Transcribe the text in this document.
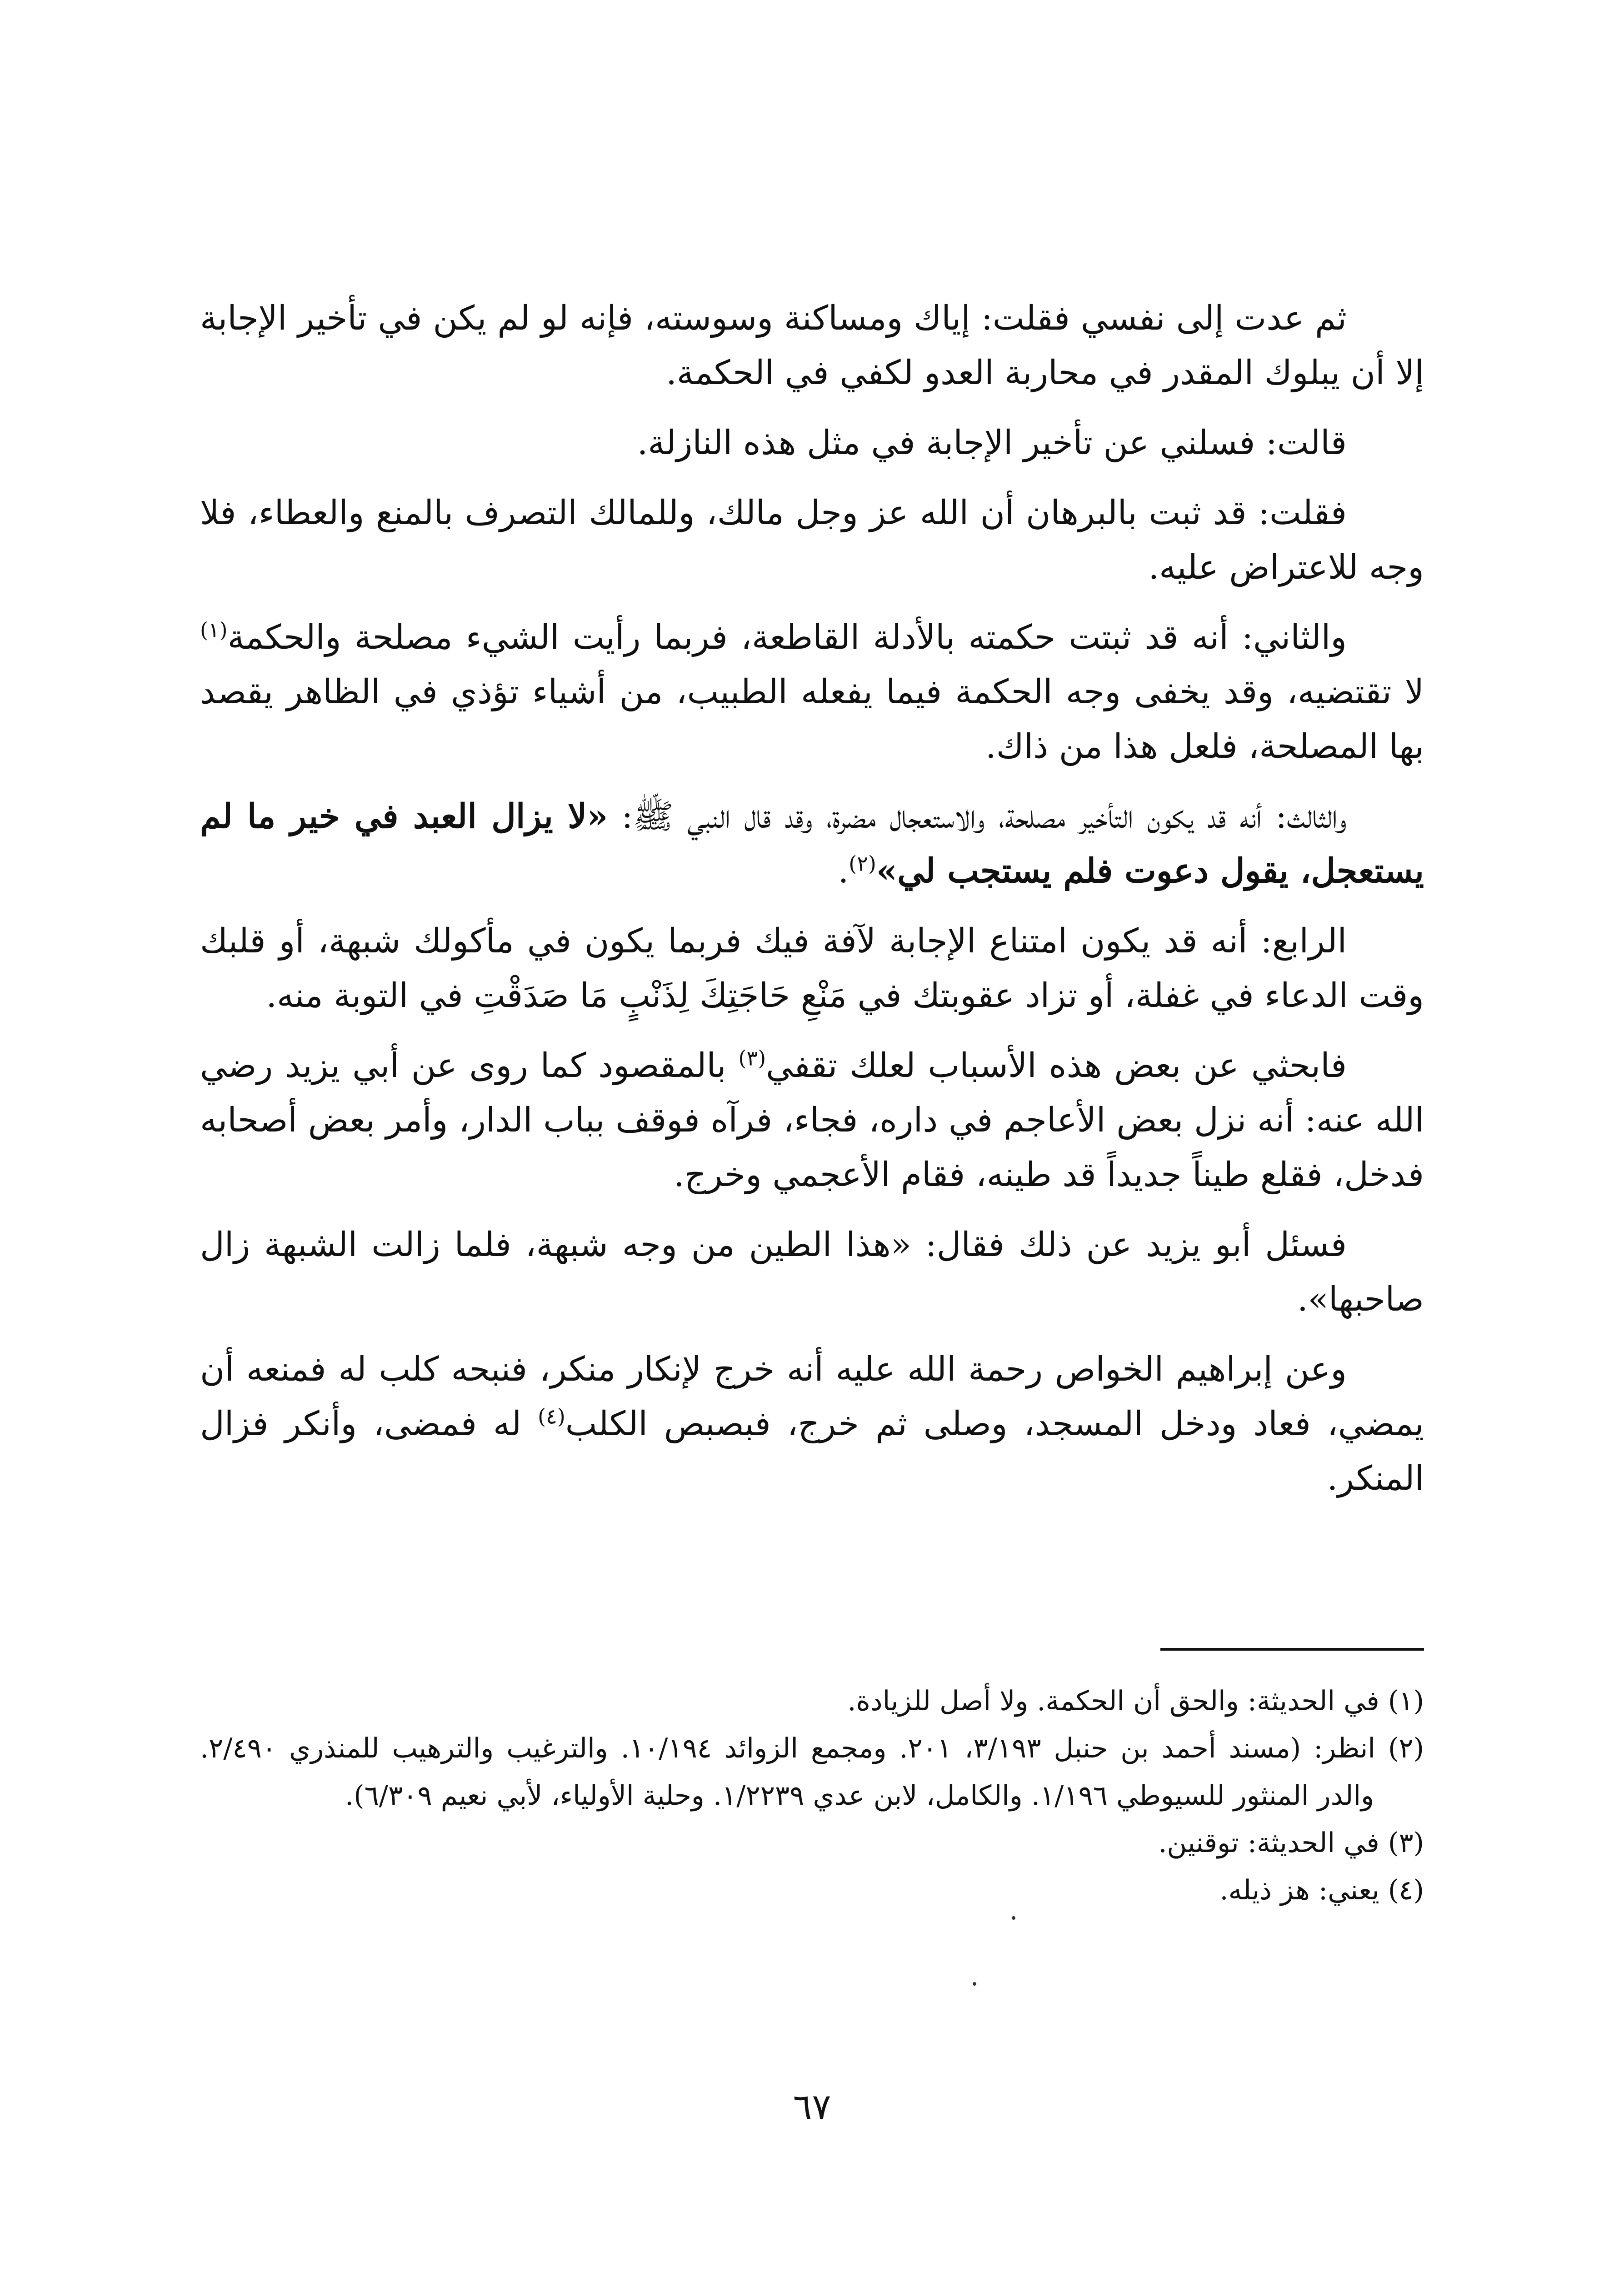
ثم عدت إلى نفسي فقلت: إياك ومساكنة وسوسته، فإنه لو لم يكن في تأخير الإجابة إلا أن يبلوك المقدر في محاربة العدو لكفي في الحكمة.

قالت: فسلني عن تأخير الإجابة في مثل هذه النازلة.

فقلت: قد ثبت بالبرهان أن الله عز وجل مالك، وللمالك التصرف بالمنع والعطاء، فلا وجه للاعتراض عليه.

والثاني: أنه قد ثبتت حكمته بالأدلة القاطعة، فربما رأيت الشيء مصلحة والحكمة$^{(١)}$ لا تقتضيه، وقد يخفى وجه الحكمة فيما يفعله الطبيب، من أشياء تؤذي في الظاهر يقصد بها المصلحة، فلعل هذا من ذاك.

والثالث: أنه قد يكون التأخير مصلحة، والاستعجال مضرة، وقد قال النبي ﷺ: «لا يزال العبد في خير ما لم يستعجل، يقول دعوت فلم يستجب لي»$^{(٢)}$.

الرابع: أنه قد يكون امتناع الإجابة لآفة فيك فربما يكون في مأكولك شبهة، أو قلبك وقت الدعاء في غفلة، أو تزاد عقوبتك في مَنْعِ حَاجَتِكَ لِذَنْبٍ مَا صَدَقْتِ في التوبة منه.

فابحثي عن بعض هذه الأسباب لعلك تقفي$^{(٣)}$ بالمقصود كما روى عن أبي يزيد رضي الله عنه: أنه نزل بعض الأعاجم في داره، فجاء، فرآه فوقف بباب الدار، وأمر بعض أصحابه فدخل، فقلع طيناً جديداً قد طينه، فقام الأعجمي وخرج.

فسئل أبو يزيد عن ذلك فقال: «هذا الطين من وجه شبهة، فلما زالت الشبهة زال صاحبها».

وعن إبراهيم الخواص رحمة الله عليه أنه خرج لإنكار منكر، فنبحه كلب له فمنعه أن يمضي، فعاد ودخل المسجد، وصلى ثم خرج، فبصبص الكلب$^{(٤)}$ له فمضى، وأنكر فزال المنكر.

(١) في الحديثة: والحق أن الحكمة. ولا أصل للزيادة.

(٢) انظر: (مسند أحمد بن حنبل ٣/١٩٣، ٢٠١. ومجمع الزوائد ١٠/١٩٤. والترغيب والترهيب للمنذري ٢/٤٩٠. والدر المنثور للسيوطي ١/١٩٦. والكامل، لابن عدي ١/٢٢٣٩. وحلية الأولياء، لأبي نعيم ٦/٣٠٩).

(٣) في الحديثة: توقنين.

(٤) يعني: هز ذيله.

٦٧
